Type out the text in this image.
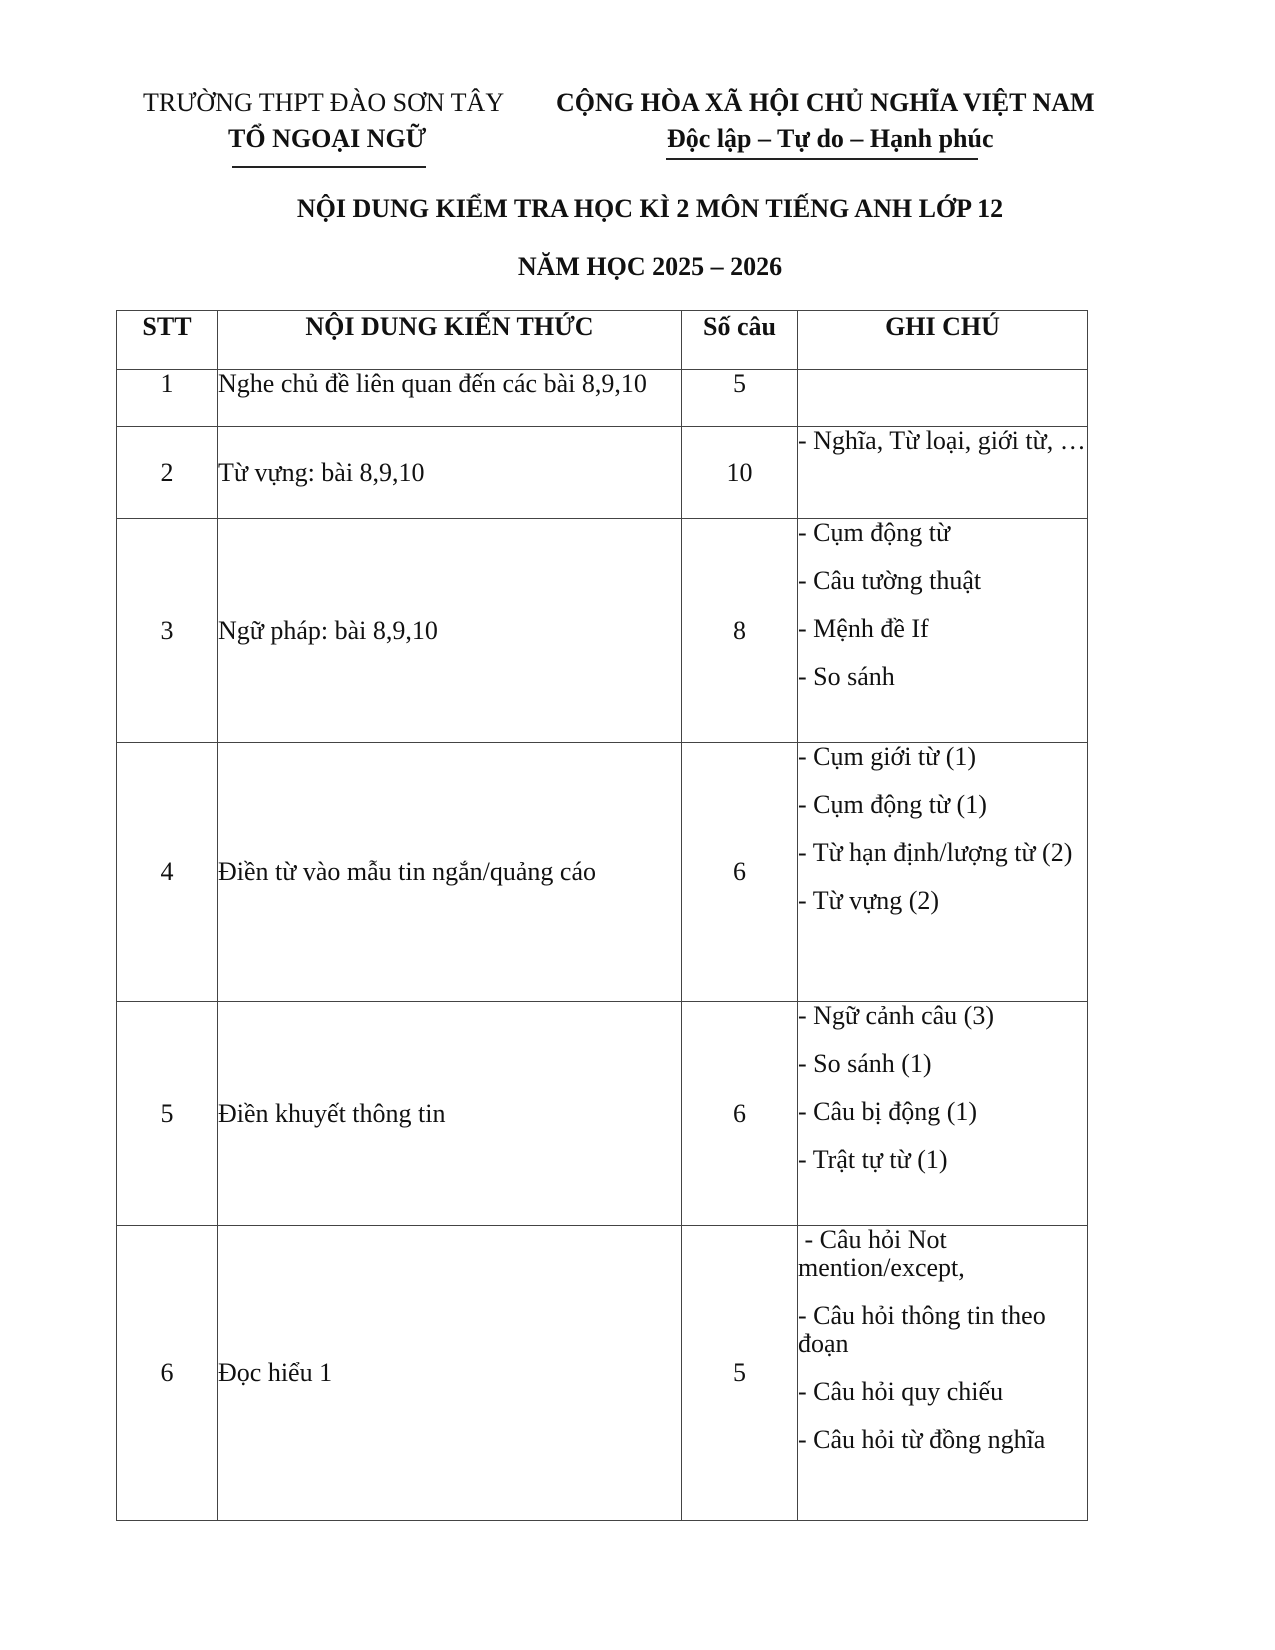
TRƯỜNG THPT ĐÀO SƠN TÂY
TỔ NGOẠI NGỮ
CỘNG HÒA XÃ HỘI CHỦ NGHĨA VIỆT NAM
Độc lập – Tự do – Hạnh phúc
NỘI DUNG KIỂM TRA HỌC KÌ 2 MÔN TIẾNG ANH LỚP 12
NĂM HỌC 2025 – 2026
STT	NỘI DUNG KIẾN THỨC	Số câu	GHI CHÚ
1	Nghe chủ đề liên quan đến các bài 8,9,10	5	
2	Từ vựng: bài 8,9,10	10	- Nghĩa, Từ loại, giới từ, …

3	Ngữ pháp: bài 8,9,10	8	- Cụm động từ
- Câu tường thuật
- Mệnh đề If
- So sánh

4	Điền từ vào mẫu tin ngắn/quảng cáo	6	- Cụm giới từ (1)
- Cụm động từ (1)
- Từ hạn định/lượng từ (2)
- Từ vựng (2)

5	Điền khuyết thông tin	6	- Ngữ cảnh câu (3)
- So sánh (1)
- Câu bị động (1)
- Trật tự từ (1)

6	Đọc hiểu 1	5	- Câu hỏi Not mention/except,
- Câu hỏi thông tin theo đoạn
- Câu hỏi quy chiếu
- Câu hỏi từ đồng nghĩa
